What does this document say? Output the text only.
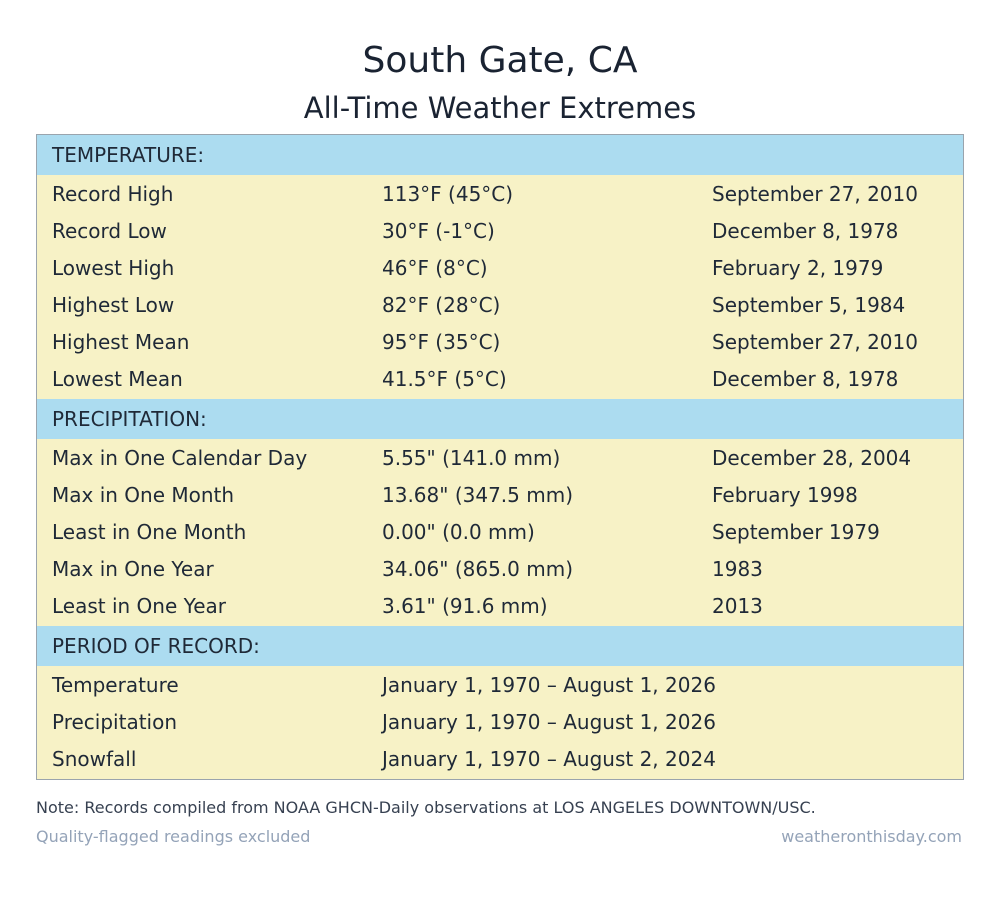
South Gate, CA
All-Time Weather Extremes
TEMPERATURE:
Record High	113°F (45°C)	September 27, 2010
Record Low	30°F (-1°C)	December 8, 1978
Lowest High	46°F (8°C)	February 2, 1979
Highest Low	82°F (28°C)	September 5, 1984
Highest Mean	95°F (35°C)	September 27, 2010
Lowest Mean	41.5°F (5°C)	December 8, 1978
PRECIPITATION:
Max in One Calendar Day	5.55" (141.0 mm)	December 28, 2004
Max in One Month	13.68" (347.5 mm)	February 1998
Least in One Month	0.00" (0.0 mm)	September 1979
Max in One Year	34.06" (865.0 mm)	1983
Least in One Year	3.61" (91.6 mm)	2013
PERIOD OF RECORD:
Temperature	January 1, 1970 – August 1, 2026
Precipitation	January 1, 1970 – August 1, 2026
Snowfall	January 1, 1970 – August 2, 2024
Note: Records compiled from NOAA GHCN-Daily observations at LOS ANGELES DOWNTOWN/USC.
Quality-flagged readings excluded	weatheronthisday.com
